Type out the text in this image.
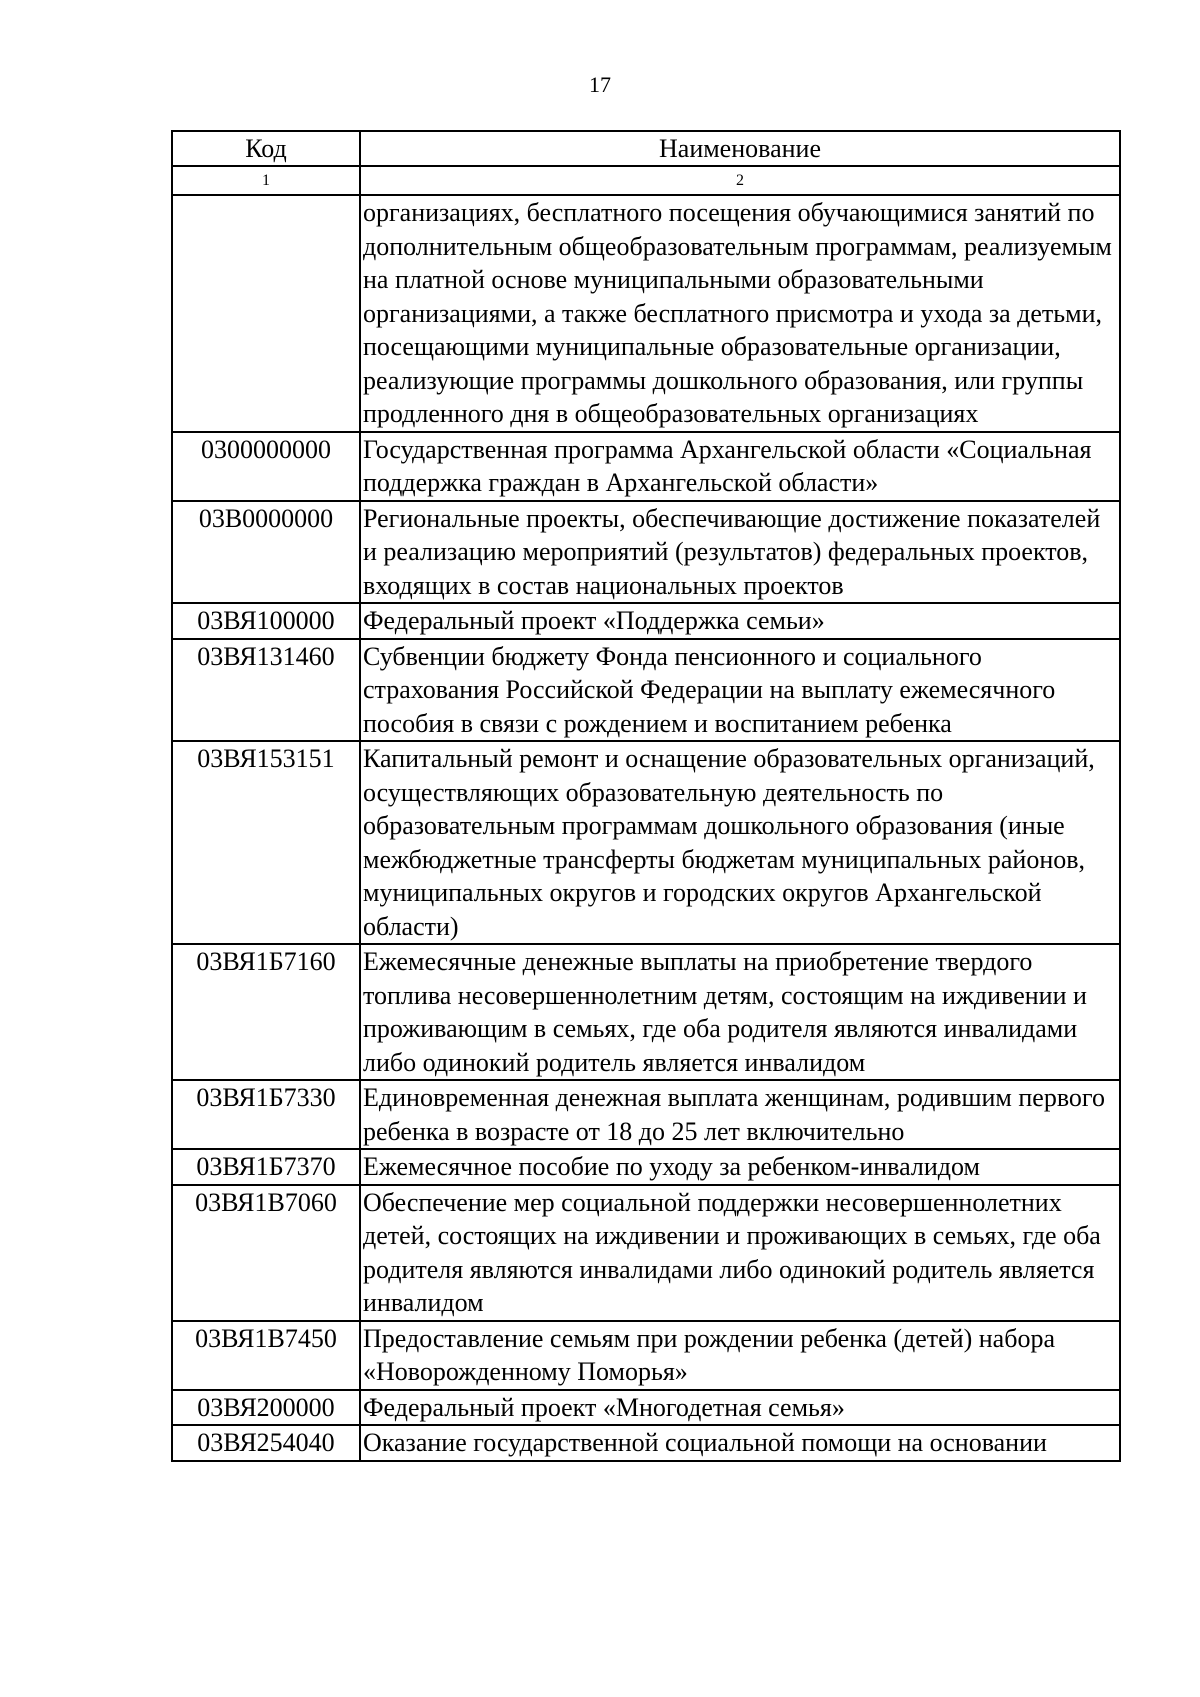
17
Код	Наименование
1	2
	организациях, бесплатного посещения обучающимися занятий по дополнительным общеобразовательным программам, реализуемым на платной основе муниципальными образовательными организациями, а также бесплатного присмотра и ухода за детьми, посещающими муниципальные образовательные организации, реализующие программы дошкольного образования, или группы продленного дня в общеобразовательных организациях
0300000000	Государственная программа Архангельской области «Социальная поддержка граждан в Архангельской области»
03В0000000	Региональные проекты, обеспечивающие достижение показателей и реализацию мероприятий (результатов) федеральных проектов, входящих в состав национальных проектов
03ВЯ100000	Федеральный проект «Поддержка семьи»
03ВЯ131460	Субвенции бюджету Фонда пенсионного и социального страхования Российской Федерации на выплату ежемесячного пособия в связи с рождением и воспитанием ребенка
03ВЯ153151	Капитальный ремонт и оснащение образовательных организаций, осуществляющих образовательную деятельность по образовательным программам дошкольного образования (иные межбюджетные трансферты бюджетам муниципальных районов, муниципальных округов и городских округов Архангельской области)
03ВЯ1Б7160	Ежемесячные денежные выплаты на приобретение твердого топлива несовершеннолетним детям, состоящим на иждивении и проживающим в семьях, где оба родителя являются инвалидами либо одинокий родитель является инвалидом
03ВЯ1Б7330	Единовременная денежная выплата женщинам, родившим первого ребенка в возрасте от 18 до 25 лет включительно
03ВЯ1Б7370	Ежемесячное пособие по уходу за ребенком-инвалидом
03ВЯ1В7060	Обеспечение мер социальной поддержки несовершеннолетних детей, состоящих на иждивении и проживающих в семьях, где оба родителя являются инвалидами либо одинокий родитель является инвалидом
03ВЯ1В7450	Предоставление семьям при рождении ребенка (детей) набора «Новорожденному Поморья»
03ВЯ200000	Федеральный проект «Многодетная семья»
03ВЯ254040	Оказание государственной социальной помощи на основании
